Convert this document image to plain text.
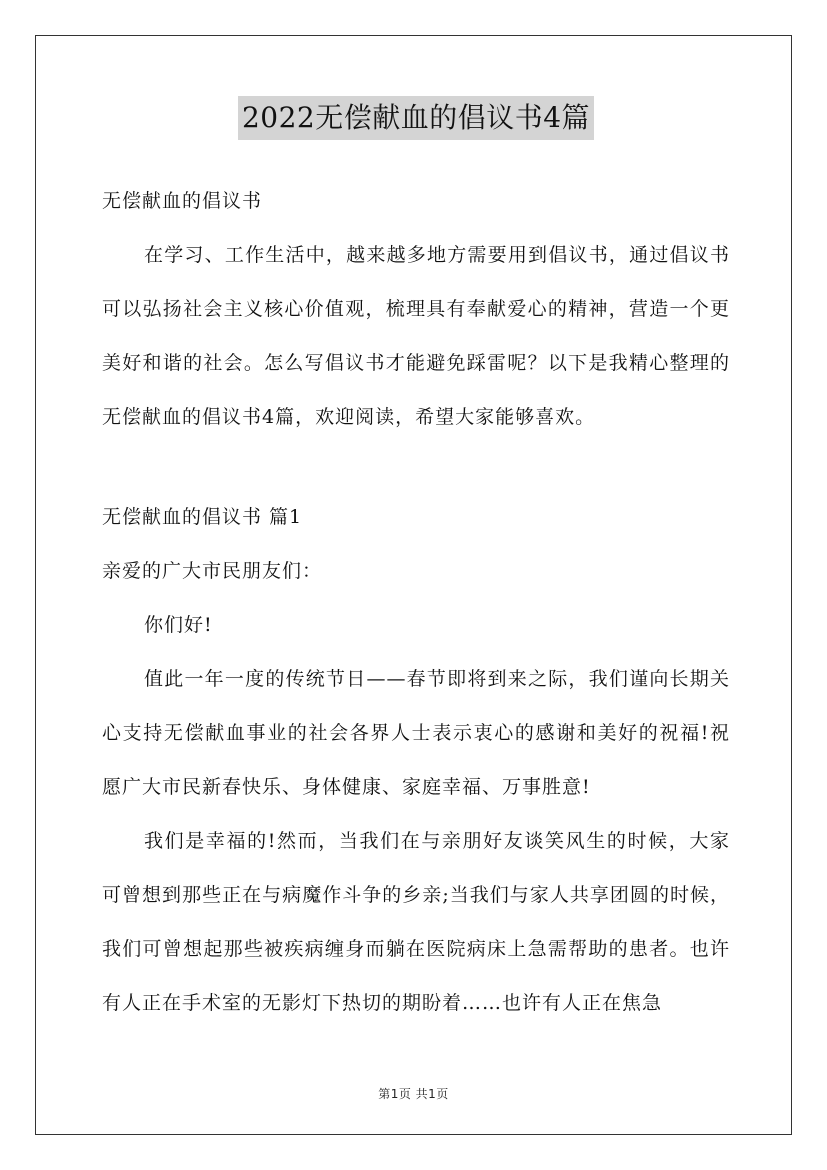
2022无偿献血的倡议书4篇
无偿献血的倡议书

在学习、工作生活中，越来越多地方需要用到倡议书，通过倡议书可以弘扬社会主义核心价值观，梳理具有奉献爱心的精神，营造一个更美好和谐的社会。怎么写倡议书才能避免踩雷呢？以下是我精心整理的无偿献血的倡议书4篇，欢迎阅读，希望大家能够喜欢。

无偿献血的倡议书 篇1
亲爱的广大市民朋友们：
你们好!

值此一年一度的传统节日——春节即将到来之际，我们谨向长期关心支持无偿献血事业的社会各界人士表示衷心的感谢和美好的祝福!祝愿广大市民新春快乐、身体健康、家庭幸福、万事胜意!

我们是幸福的!然而，当我们在与亲朋好友谈笑风生的时候，大家可曾想到那些正在与病魔作斗争的乡亲;当我们与家人共享团圆的时候，我们可曾想起那些被疾病缠身而躺在医院病床上急需帮助的患者。也许有人正在手术室的无影灯下热切的期盼着……也许有人正在焦急

第1页 共1页
